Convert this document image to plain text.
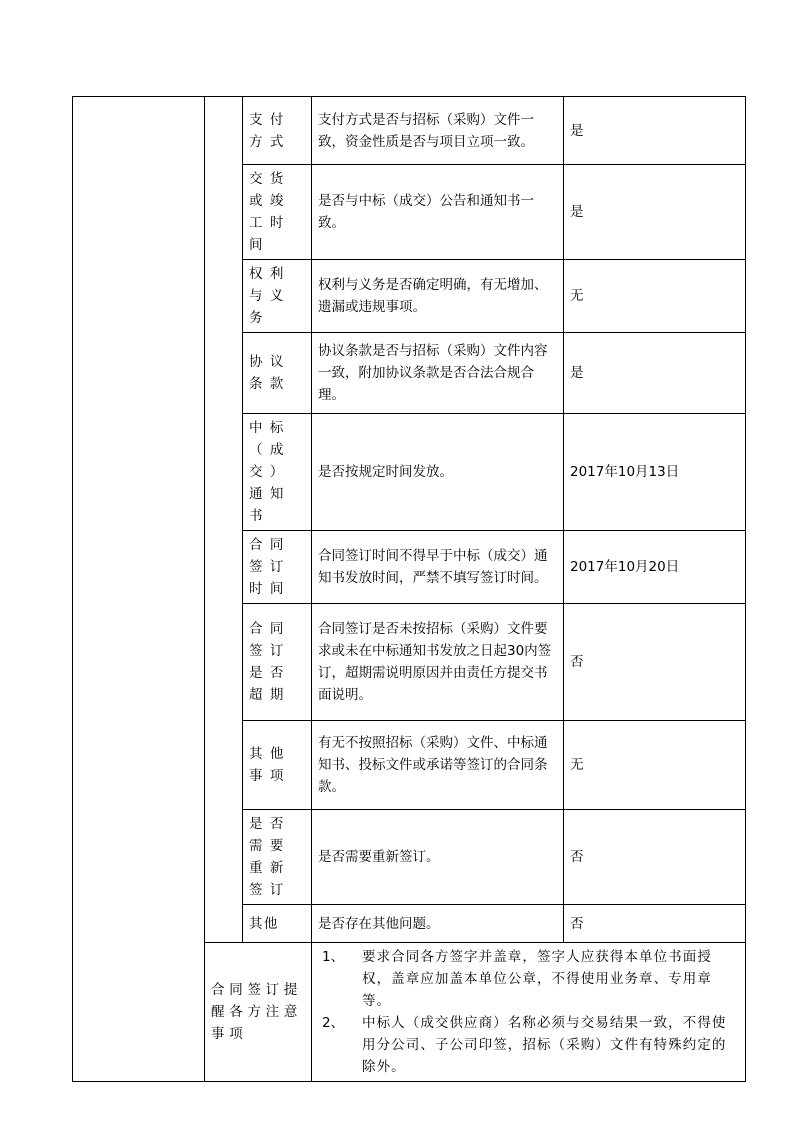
		支付方式	支付方式是否与招标（采购）文件一致，资金性质是否与项目立项一致。	是
		交货或竣工时间	是否与中标（成交）公告和通知书一致。	是
		权利与义务	权利与义务是否确定明确，有无增加、遗漏或违规事项。	无
		协议条款	协议条款是否与招标（采购）文件内容一致，附加协议条款是否合法合规合理。	是
		中标（成交）通知书	是否按规定时间发放。	2017年10月13日
		合同签订时间	合同签订时间不得早于中标（成交）通知书发放时间，严禁不填写签订时间。	2017年10月20日
		合同签订是否超期	合同签订是否未按招标（采购）文件要求或未在中标通知书发放之日起30内签订，超期需说明原因并由责任方提交书面说明。	否
		其他事项	有无不按照招标（采购）文件、中标通知书、投标文件或承诺等签订的合同条款。	无
		是否需要重新签订	是否需要重新签订。	否
		其他	是否存在其他问题。	否
	合同签订提醒各方注意事项		1、 要求合同各方签字并盖章，签字人应获得本单位书面授权，盖章应加盖本单位公章，不得使用业务章、专用章等。
2、 中标人（成交供应商）名称必须与交易结果一致，不得使用分公司、子公司印签，招标（采购）文件有特殊约定的除外。	
